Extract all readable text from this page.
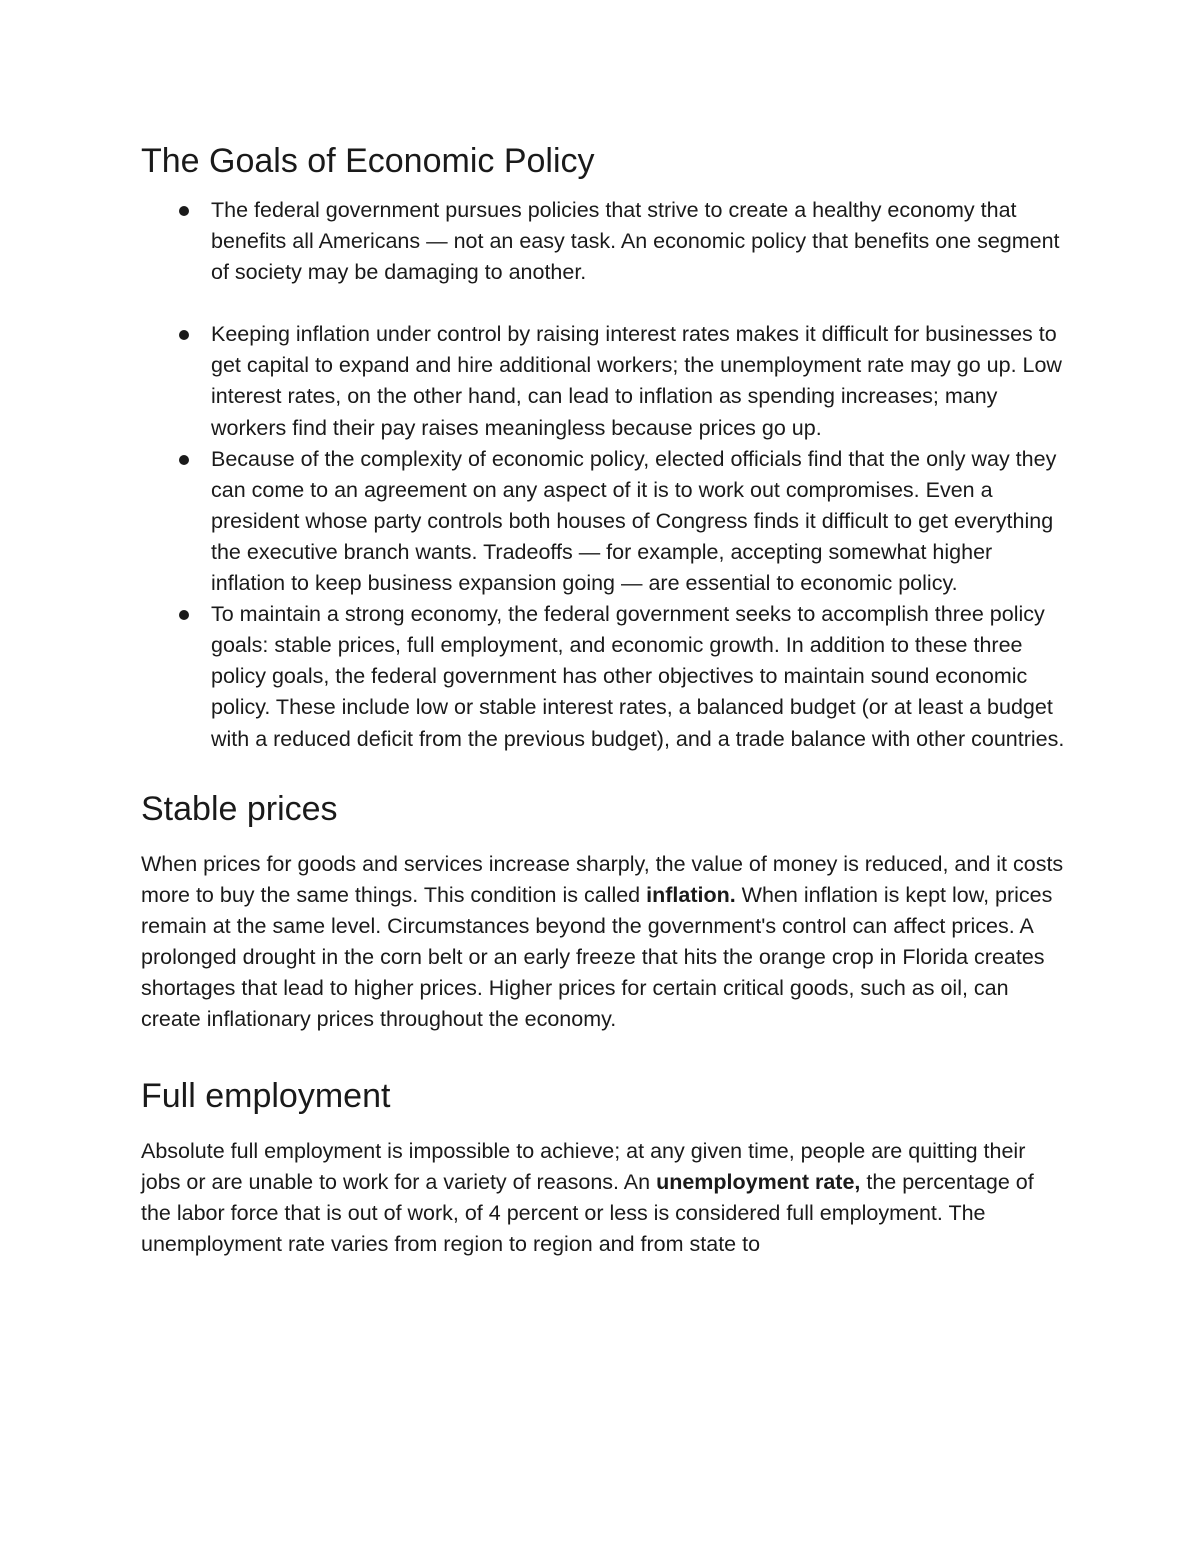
The Goals of Economic Policy
The federal government pursues policies that strive to create a healthy economy that benefits all Americans — not an easy task. An economic policy that benefits one segment of society may be damaging to another.
Keeping inflation under control by raising interest rates makes it difficult for businesses to get capital to expand and hire additional workers; the unemployment rate may go up. Low interest rates, on the other hand, can lead to inflation as spending increases; many workers find their pay raises meaningless because prices go up.
Because of the complexity of economic policy, elected officials find that the only way they can come to an agreement on any aspect of it is to work out compromises. Even a president whose party controls both houses of Congress finds it difficult to get everything the executive branch wants. Tradeoffs — for example, accepting somewhat higher inflation to keep business expansion going — are essential to economic policy.
To maintain a strong economy, the federal government seeks to accomplish three policy goals: stable prices, full employment, and economic growth. In addition to these three policy goals, the federal government has other objectives to maintain sound economic policy. These include low or stable interest rates, a balanced budget (or at least a budget with a reduced deficit from the previous budget), and a trade balance with other countries.
Stable prices

When prices for goods and services increase sharply, the value of money is reduced, and it costs more to buy the same things. This condition is called inflation. When inflation is kept low, prices remain at the same level. Circumstances beyond the government's control can affect prices. A prolonged drought in the corn belt or an early freeze that hits the orange crop in Florida creates shortages that lead to higher prices. Higher prices for certain critical goods, such as oil, can create inflationary prices throughout the economy.

Full employment

Absolute full employment is impossible to achieve; at any given time, people are quitting their jobs or are unable to work for a variety of reasons. An unemployment rate, the percentage of the labor force that is out of work, of 4 percent or less is considered full employment. The unemployment rate varies from region to region and from state to
